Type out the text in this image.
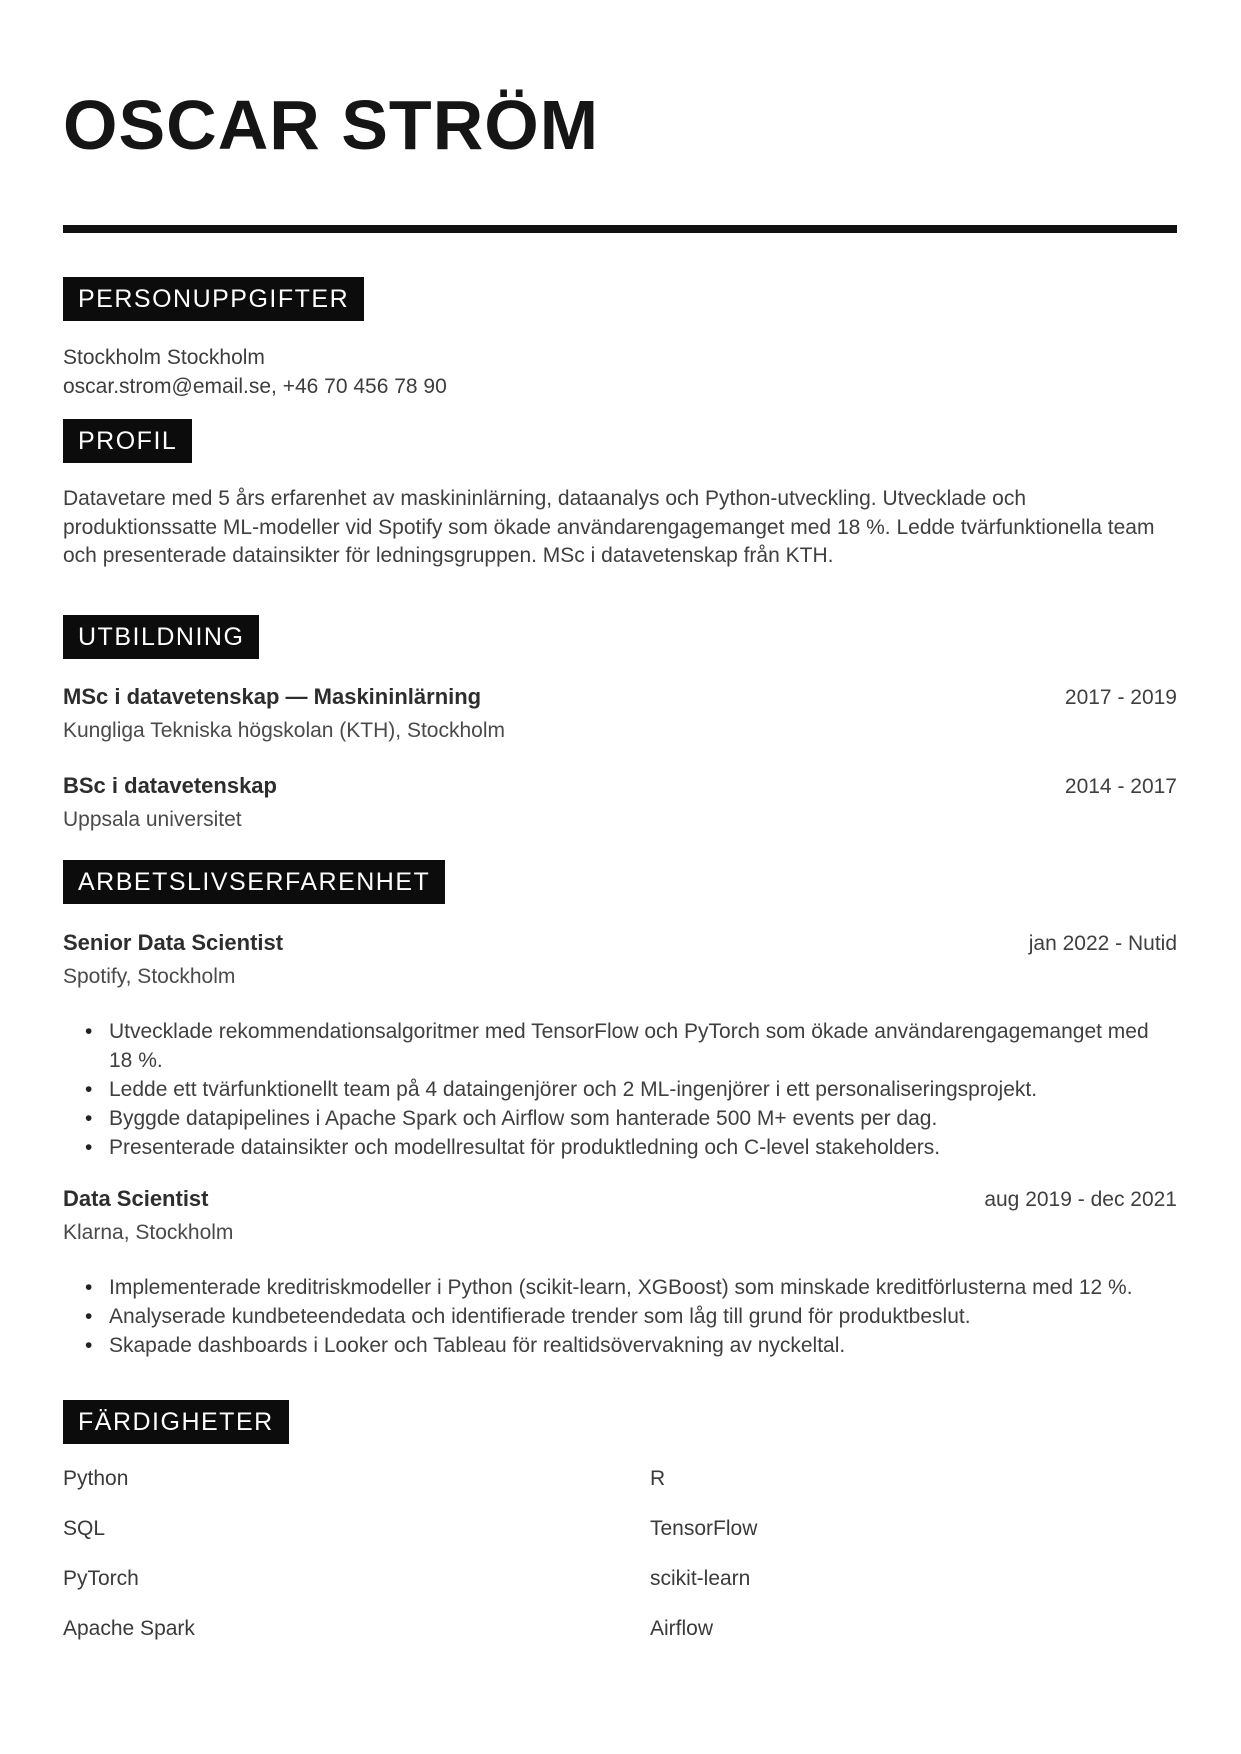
OSCAR STRÖM
PERSONUPPGIFTER
Stockholm Stockholm
oscar.strom@email.se, +46 70 456 78 90
PROFIL

Datavetare med 5 års erfarenhet av maskininlärning, dataanalys och Python-utveckling. Utvecklade och produktionssatte ML-modeller vid Spotify som ökade användarengagemanget med 18 %. Ledde tvärfunktionella team och presenterade datainsikter för ledningsgruppen. MSc i datavetenskap från KTH.

UTBILDNING
MSc i datavetenskap — Maskininlärning	2017 - 2019
Kungliga Tekniska högskolan (KTH), Stockholm
BSc i datavetenskap	2014 - 2017
Uppsala universitet
ARBETSLIVSERFARENHET
Senior Data Scientist	jan 2022 - Nutid
Spotify, Stockholm
• Utvecklade rekommendationsalgoritmer med TensorFlow och PyTorch som ökade användarengagemanget med 18 %.
• Ledde ett tvärfunktionellt team på 4 dataingenjörer och 2 ML-ingenjörer i ett personaliseringsprojekt.
• Byggde datapipelines i Apache Spark och Airflow som hanterade 500 M+ events per dag.
• Presenterade datainsikter och modellresultat för produktledning och C-level stakeholders.
Data Scientist	aug 2019 - dec 2021
Klarna, Stockholm
• Implementerade kreditriskmodeller i Python (scikit-learn, XGBoost) som minskade kreditförlusterna med 12 %.
• Analyserade kundbeteendedata och identifierade trender som låg till grund för produktbeslut.
• Skapade dashboards i Looker och Tableau för realtidsövervakning av nyckeltal.
FÄRDIGHETER
Python	R
SQL	TensorFlow
PyTorch	scikit-learn
Apache Spark	Airflow
